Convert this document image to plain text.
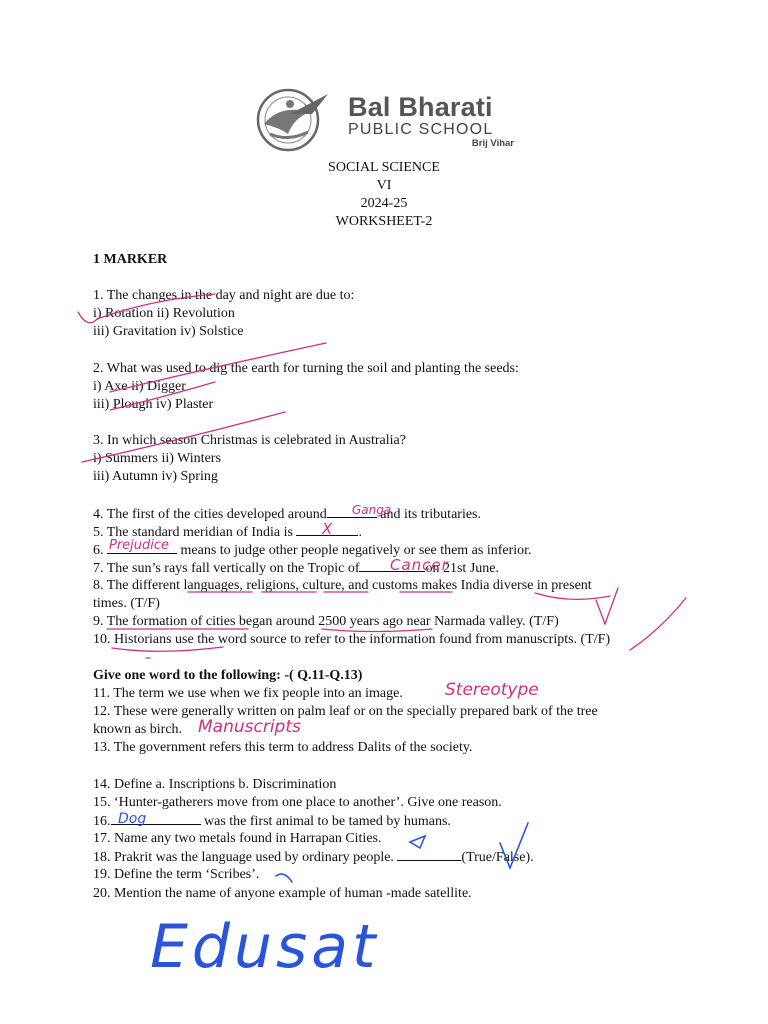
Bal Bharati
PUBLIC SCHOOL
Brij Vihar
SOCIAL SCIENCE
VI
2024-25
WORKSHEET-2
1 MARKER
1. The changes in the day and night are due to:
i) Rotation ii) Revolution
iii) Gravitation iv) Solstice
2. What was used to dig the earth for turning the soil and planting the seeds:
i) Axe ii) Digger
iii) Plough iv) Plaster
3. In which season Christmas is celebrated in Australia?
i) Summers ii) Winters
iii) Autumn iv) Spring
4. The first of the cities developed around	and its tributaries.
5. The standard meridian of India is	.
6.	means to judge other people negatively or see them as inferior.
7. The sun’s rays fall vertically on the Tropic of	on 21st June.
8. The different languages, religions, culture, and customs makes India diverse in present
times. (T/F)
9. The formation of cities began around 2500 years ago near Narmada valley. (T/F)
10. Historians use the word source to refer to the information found from manuscripts. (T/F)
Give one word to the following: -( Q.11-Q.13)
11. The term we use when we fix people into an image.
12. These were generally written on palm leaf or on the specially prepared bark of the tree
known as birch.
13. The government refers this term to address Dalits of the society.
14. Define a. Inscriptions b. Discrimination
15. ‘Hunter-gatherers move from one place to another’. Give one reason.
16.	was the first animal to be tamed by humans.
17. Name any two metals found in Harrapan Cities.
18. Prakrit was the language used by ordinary people.	(True/False).
19. Define the term ‘Scribes’.
20. Mention the name of anyone example of human -made satellite.
Ganga
X
Prejudice
Cancer
Stereotype
Manuscripts
Dog
Edusat
